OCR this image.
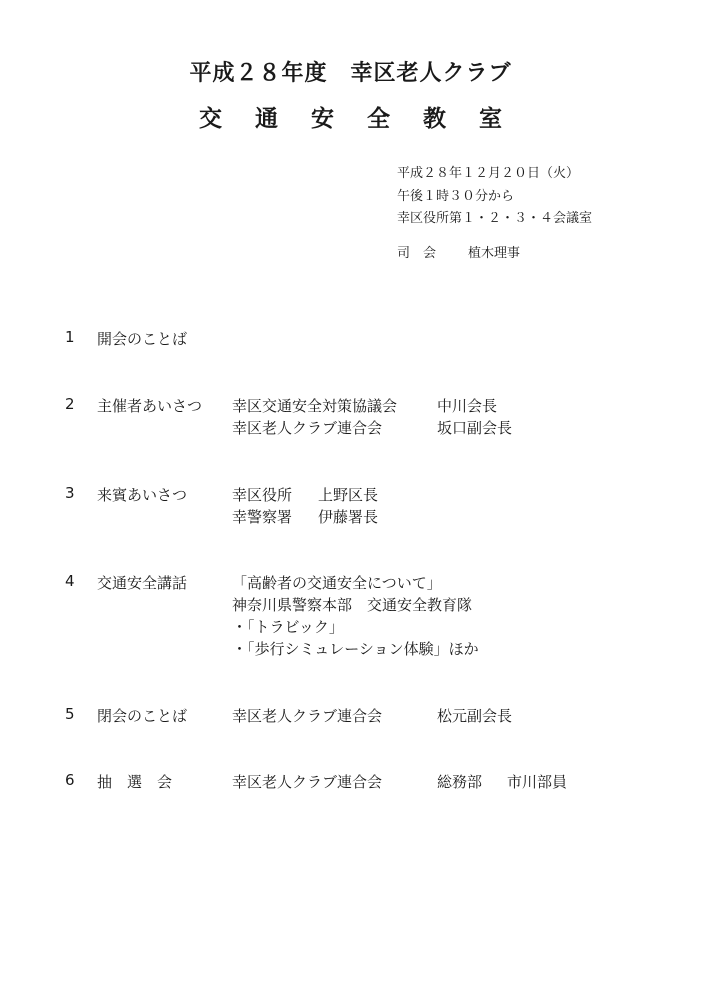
平成２８年度　幸区老人クラブ
交通安全教室
平成２８年１２月２０日（火）
午後１時３０分から
幸区役所第１・２・３・４会議室
司　会 植木理事
1 開会のことば
2 主催者あいさつ 幸区交通安全対策協議会	中川会長
幸区老人クラブ連合会	坂口副会長
3 来賓あいさつ	幸区役所 上野区長
幸警察署 伊藤署長
4 交通安全講話	「高齢者の交通安全について」
神奈川県警察本部　交通安全教育隊
・「トラビック」
・「歩行シミュレーション体験」ほか
5 閉会のことば	幸区老人クラブ連合会	松元副会長
6 抽　選　会	幸区老人クラブ連合会	総務部 市川部員
